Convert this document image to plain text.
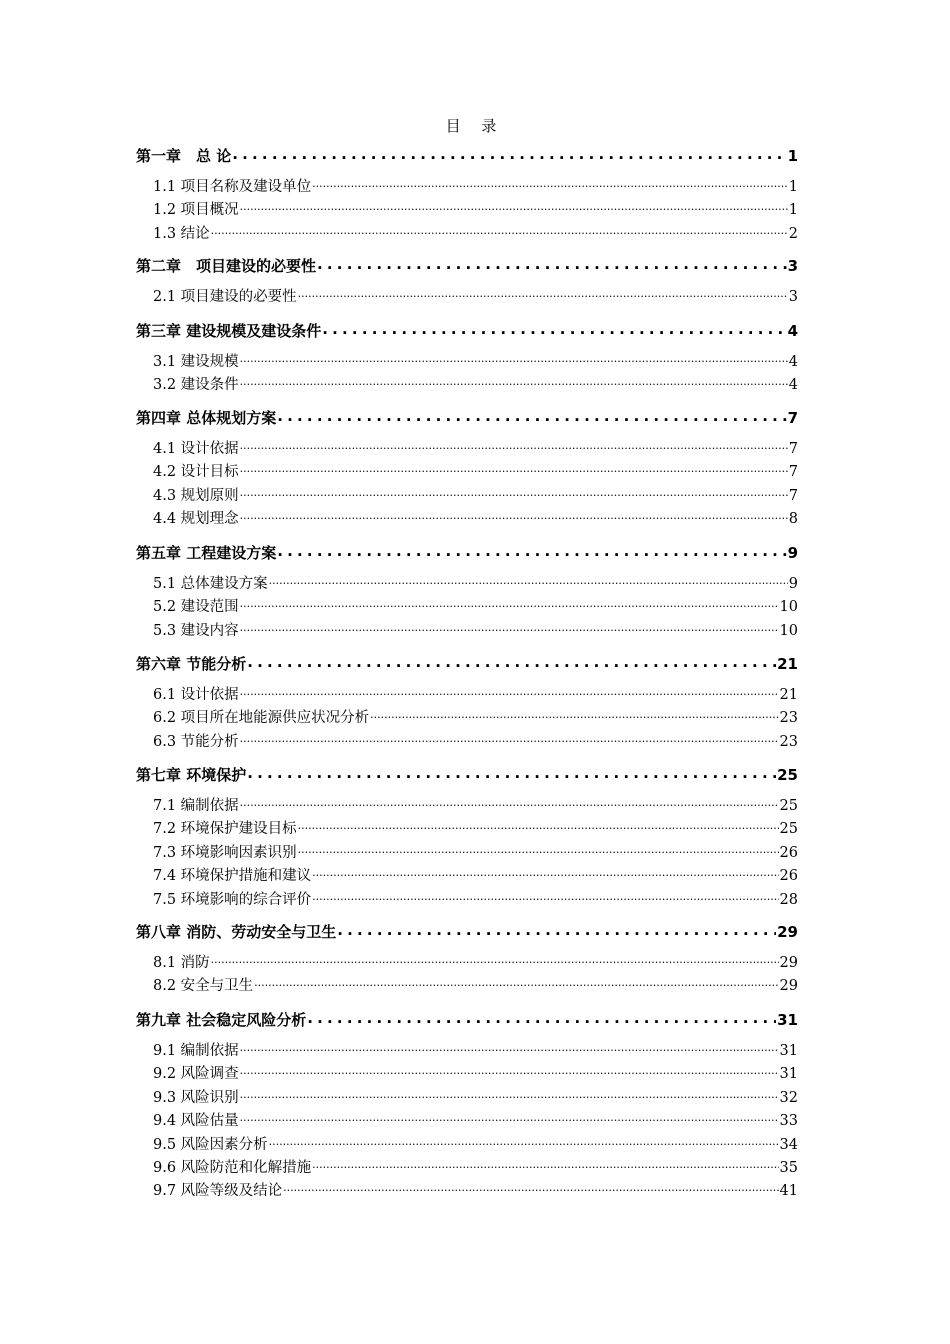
目 录
第一章　总 论 .....	1
1.1 项目名称及建设单位 .....	1
1.2 项目概况 .....	1
1.3 结论 .....	2
第二章　项目建设的必要性 .....	3
2.1 项目建设的必要性 .....	3
第三章 建设规模及建设条件 .....	4
3.1 建设规模 .....	4
3.2 建设条件 .....	4
第四章 总体规划方案 .....	7
4.1 设计依据 .....	7
4.2 设计目标 .....	7
4.3 规划原则 .....	7
4.4 规划理念 .....	8
第五章 工程建设方案 .....	9
5.1 总体建设方案 .....	9
5.2 建设范围 .....	10
5.3 建设内容 .....	10
第六章 节能分析 .....	21
6.1 设计依据 .....	21
6.2 项目所在地能源供应状况分析 .....	23
6.3 节能分析 .....	23
第七章 环境保护 .....	25
7.1 编制依据 .....	25
7.2 环境保护建设目标 .....	25
7.3 环境影响因素识别 .....	26
7.4 环境保护措施和建议 .....	26
7.5 环境影响的综合评价 .....	28
第八章 消防、劳动安全与卫生 .....	29
8.1 消防 .....	29
8.2 安全与卫生 .....	29
第九章 社会稳定风险分析 .....	31
9.1 编制依据 .....	31
9.2 风险调查 .....	31
9.3 风险识别 .....	32
9.4 风险估量 .....	33
9.5 风险因素分析 .....	34
9.6 风险防范和化解措施 .....	35
9.7 风险等级及结论 .....	41
